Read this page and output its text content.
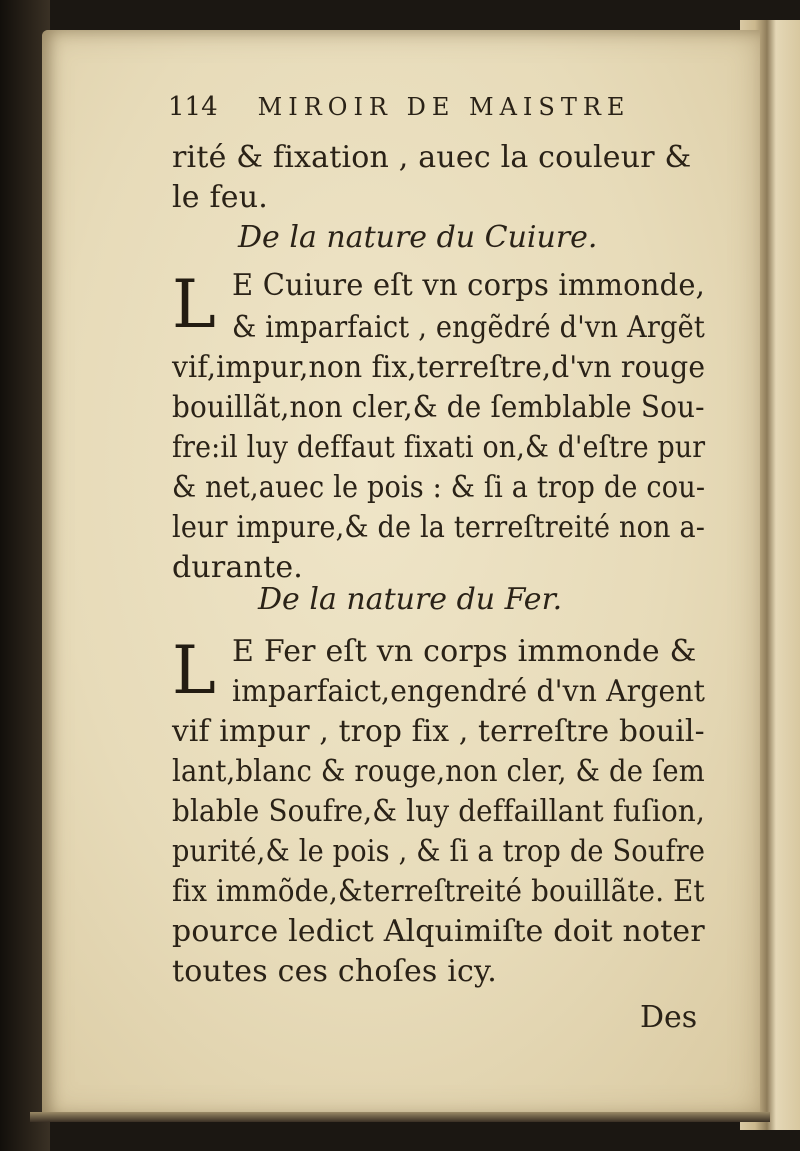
114 MIROIR DE MAISTRE
rité & fixation , auec la couleur &
le feu.
De la nature du Cuiure.
L E Cuiure eſt vn corps immonde,
& imparfaict , engẽdré d'vn Argẽt
vif,impur,non fix,terreſtre,d'vn rouge
bouillãt,non cler,& de ſemblable Sou-
fre:il luy deffaut fixati on,& d'eſtre pur
& net,auec le pois : & ſi a trop de cou-
leur impure,& de la terreſtreité non a-
durante.
De la nature du Fer.
L E Fer eſt vn corps immonde &
imparfaict,engendré d'vn Argent
vif impur , trop fix , terreſtre bouil-
lant,blanc & rouge,non cler, & de ſem
blable Soufre,& luy deffaillant fuſion,
purité,& le pois , & ſi a trop de Soufre
fix immõde,&terreſtreité bouillãte. Et
pource ledict Alquimiſte doit noter
toutes ces choſes icy.
Des
